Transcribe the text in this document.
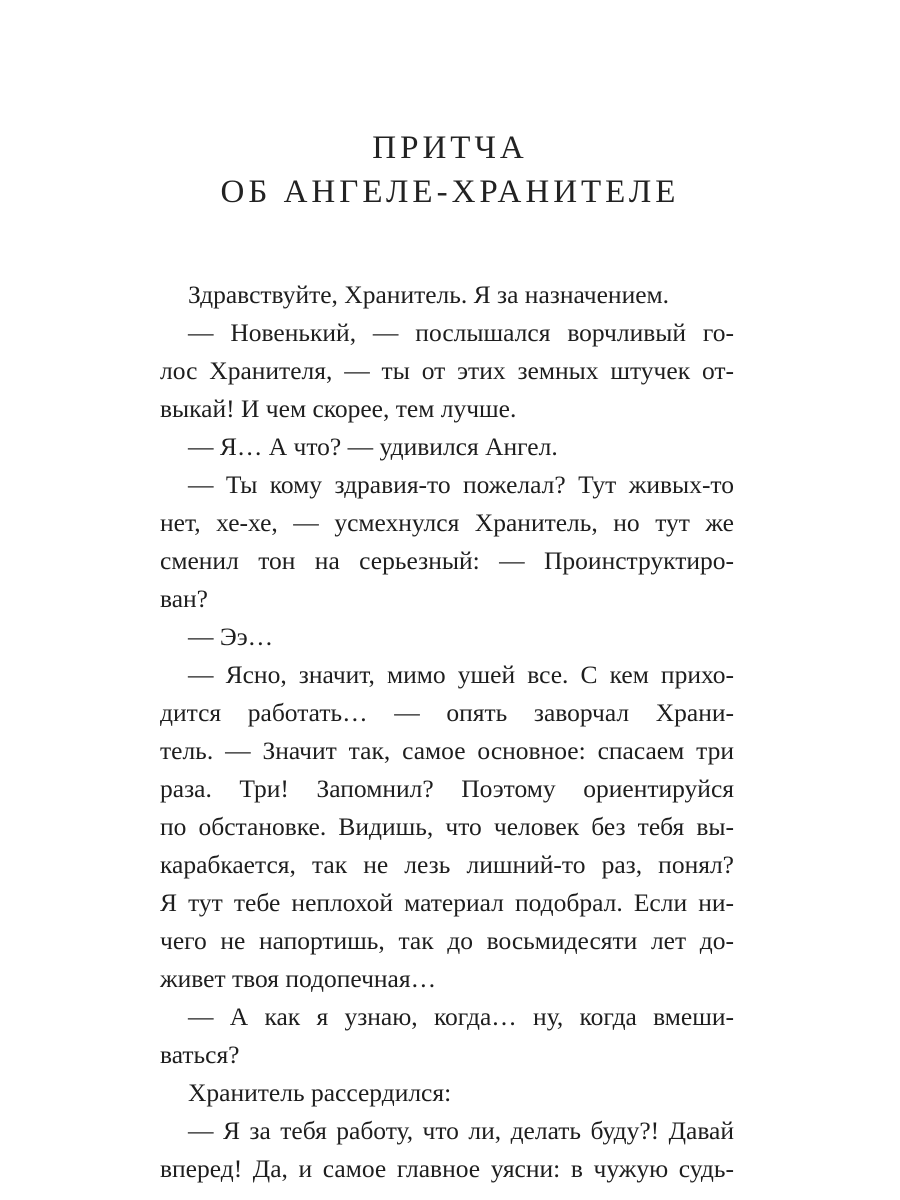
ПРИТЧА
ОБ АНГЕЛЕ-ХРАНИТЕЛЕ
Здравствуйте, Хранитель. Я за назначением.
— Новенький, — послышался ворчливый го-
лос Хранителя, — ты от этих земных штучек от-
выкай! И чем скорее, тем лучше.
— Я… А что? — удивился Ангел.
— Ты кому здравия-то пожелал? Тут живых-то
нет, хе-хе, — усмехнулся Хранитель, но тут же
сменил тон на серьезный: — Проинструктиро-
ван?
— Ээ…
— Ясно, значит, мимо ушей все. С кем прихо-
дится работать… — опять заворчал Храни-
тель. — Значит так, самое основное: спасаем три
раза. Три! Запомнил? Поэтому ориентируйся
по обстановке. Видишь, что человек без тебя вы-
карабкается, так не лезь лишний-то раз, понял?
Я тут тебе неплохой материал подобрал. Если ни-
чего не напортишь, так до восьмидесяти лет до-
живет твоя подопечная…
— А как я узнаю, когда… ну, когда вмеши-
ваться?
Хранитель рассердился:
— Я за тебя работу, что ли, делать буду?! Давай
вперед! Да, и самое главное уясни: в чужую судь-
